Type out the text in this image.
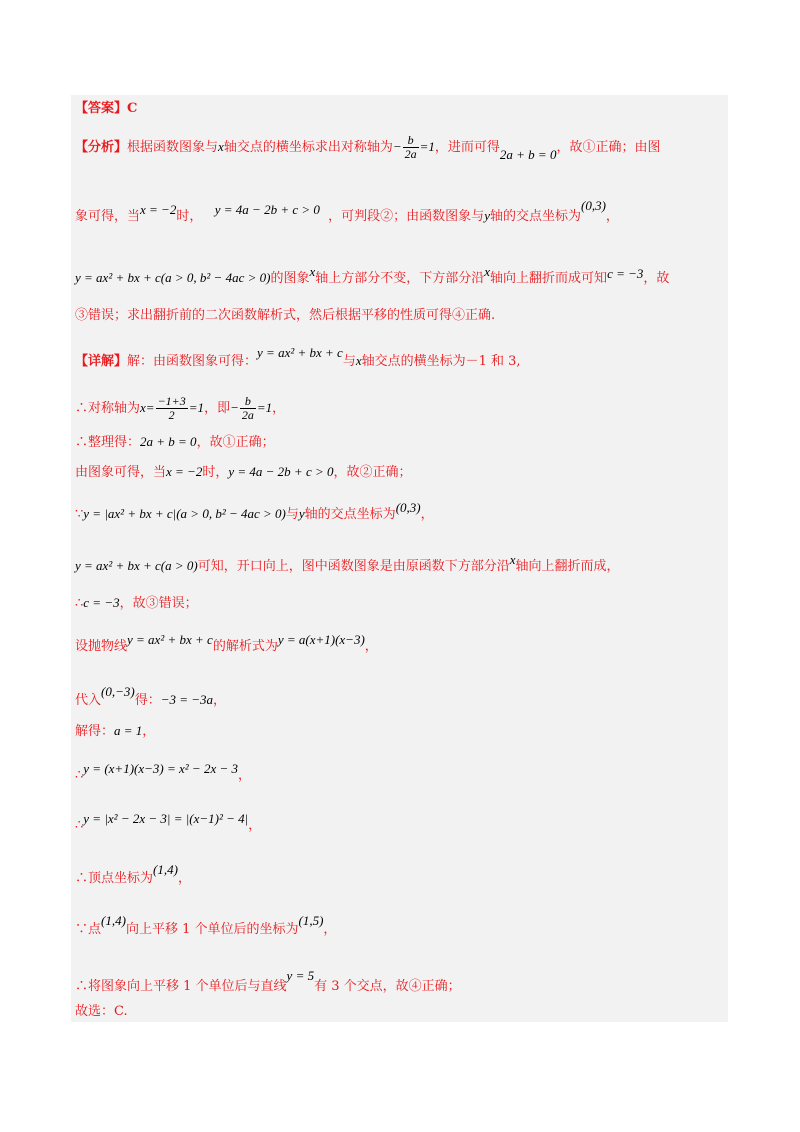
【答案】C
【分析】根据函数图象与x轴交点的横坐标求出对称轴为− $\frac{b}{2a} =1$，进而可得2a + b = 0，故①正确；由图
象可得，当x = −2时， y = 4a − 2b + c > 0 ，可判段②；由函数图象与y轴的交点坐标为(0,3)，
y = ax² + bx + c(a > 0, b² − 4ac > 0)的图象x轴上方部分不变，下方部分沿x轴向上翻折而成可知c = −3，故
③错误；求出翻折前的二次函数解析式，然后根据平移的性质可得④正确.
【详解】解：由函数图象可得：y = ax² + bx + c与x轴交点的横坐标为－1 和 3,
∴对称轴为$x= \frac{-1+3}{2} =1$，即− $\frac{b}{2a} =1$，
∴整理得：2a + b = 0，故①正确；
由图象可得，当x = −2时，y = 4a − 2b + c > 0，故②正确；
∵y = |ax² + bx + c|(a > 0, b² − 4ac > 0)与y轴的交点坐标为(0,3)，
y = ax² + bx + c(a > 0)可知，开口向上，图中函数图象是由原函数下方部分沿x轴向上翻折而成，
∴c = −3，故③错误；
设抛物线y = ax² + bx + c的解析式为y = a(x+1)(x−3)，
代入(0,−3)得：−3 = −3a，
解得：a = 1，
∴y = (x+1)(x−3) = x² − 2x − 3，
∴y = |x² − 2x − 3| = |(x−1)² − 4|，
∴顶点坐标为(1,4)，
∵点(1,4)向上平移 1 个单位后的坐标为(1,5)，
∴将图象向上平移 1 个单位后与直线y = 5有 3 个交点，故④正确；
故选：C.
